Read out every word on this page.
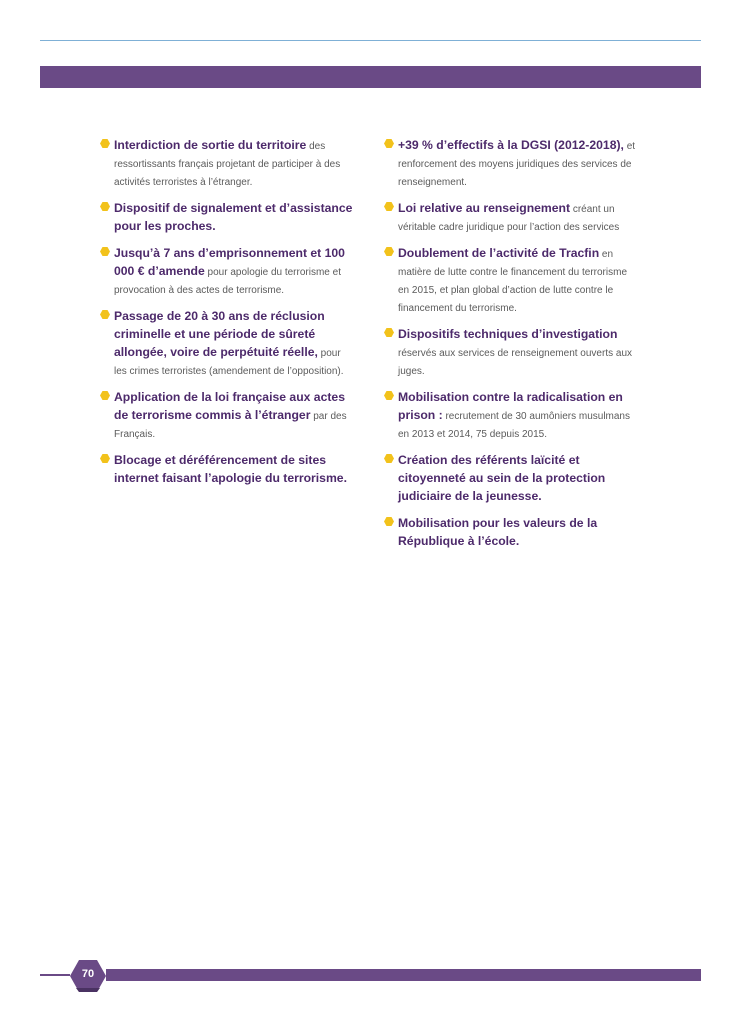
Interdiction de sortie du territoire des ressortissants français projetant de participer à des activités terroristes à l’étranger.
Dispositif de signalement et d’assistance pour les proches.
Jusqu’à 7 ans d’emprisonnement et 100 000 € d’amende pour apologie du terrorisme et provocation à des actes de terrorisme.
Passage de 20 à 30 ans de réclusion criminelle et une période de sûreté allongée, voire de perpétuité réelle, pour les crimes terroristes (amendement de l’opposition).
Application de la loi française aux actes de terrorisme commis à l’étranger par des Français.
Blocage et déréférencement de sites internet faisant l’apologie du terrorisme.
+39 % d’effectifs à la DGSI (2012-2018), et renforcement des moyens juridiques des services de renseignement.
Loi relative au renseignement créant un véritable cadre juridique pour l’action des services
Doublement de l’activité de Tracfin en matière de lutte contre le financement du terrorisme en 2015, et plan global d’action de lutte contre le financement du terrorisme.
Dispositifs techniques d’investigation réservés aux services de renseignement ouverts aux juges.
Mobilisation contre la radicalisation en prison : recrutement de 30 aumôniers musulmans en 2013 et 2014, 75 depuis 2015.
Création des référents laïcité et citoyenneté au sein de la protection judiciaire de la jeunesse.
Mobilisation pour les valeurs de la République à l’école.
70
